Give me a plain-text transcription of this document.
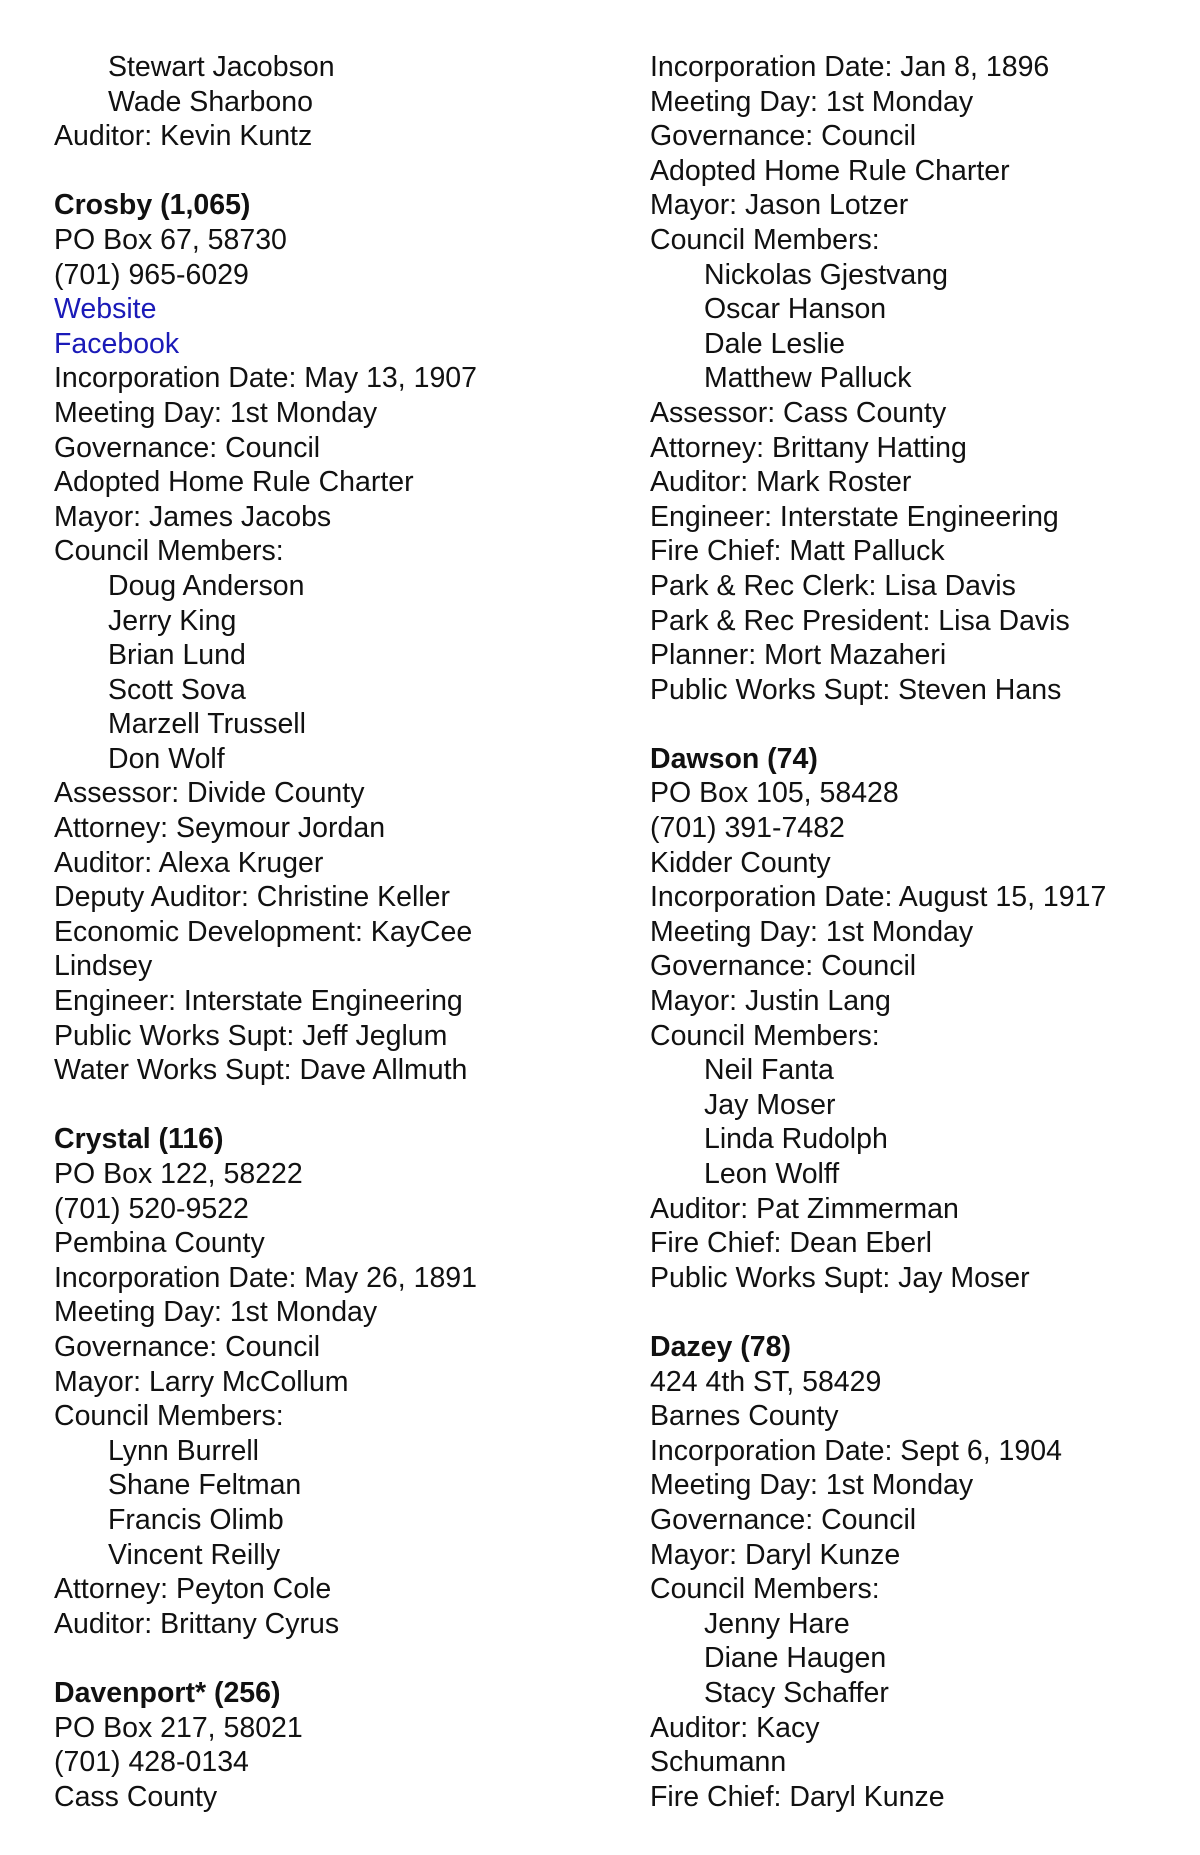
Stewart Jacobson
Wade Sharbono
Auditor: Kevin Kuntz
Crosby (1,065)
PO Box 67, 58730
(701) 965-6029
Website
Facebook
Incorporation Date: May 13, 1907
Meeting Day: 1st Monday
Governance: Council
Adopted Home Rule Charter
Mayor: James Jacobs
Council Members:
Doug Anderson
Jerry King
Brian Lund
Scott Sova
Marzell Trussell
Don Wolf
Assessor: Divide County
Attorney: Seymour Jordan
Auditor: Alexa Kruger
Deputy Auditor: Christine Keller
Economic Development: KayCee
Lindsey
Engineer: Interstate Engineering
Public Works Supt: Jeff Jeglum
Water Works Supt: Dave Allmuth
Crystal (116)
PO Box 122, 58222
(701) 520-9522
Pembina County
Incorporation Date: May 26, 1891
Meeting Day: 1st Monday
Governance: Council
Mayor: Larry McCollum
Council Members:
Lynn Burrell
Shane Feltman
Francis Olimb
Vincent Reilly
Attorney: Peyton Cole
Auditor: Brittany Cyrus
Davenport* (256)
PO Box 217, 58021
(701) 428-0134
Cass County
Incorporation Date: Jan 8, 1896
Meeting Day: 1st Monday
Governance: Council
Adopted Home Rule Charter
Mayor: Jason Lotzer
Council Members:
Nickolas Gjestvang
Oscar Hanson
Dale Leslie
Matthew Palluck
Assessor: Cass County
Attorney: Brittany Hatting
Auditor: Mark Roster
Engineer: Interstate Engineering
Fire Chief: Matt Palluck
Park & Rec Clerk: Lisa Davis
Park & Rec President: Lisa Davis
Planner: Mort Mazaheri
Public Works Supt: Steven Hans
Dawson (74)
PO Box 105, 58428
(701) 391-7482
Kidder County
Incorporation Date: August 15, 1917
Meeting Day: 1st Monday
Governance: Council
Mayor: Justin Lang
Council Members:
Neil Fanta
Jay Moser
Linda Rudolph
Leon Wolff
Auditor: Pat Zimmerman
Fire Chief: Dean Eberl
Public Works Supt: Jay Moser
Dazey (78)
424 4th ST, 58429
Barnes County
Incorporation Date: Sept 6, 1904
Meeting Day: 1st Monday
Governance: Council
Mayor: Daryl Kunze
Council Members:
Jenny Hare
Diane Haugen
Stacy Schaffer
Auditor: Kacy
Schumann
Fire Chief: Daryl Kunze
